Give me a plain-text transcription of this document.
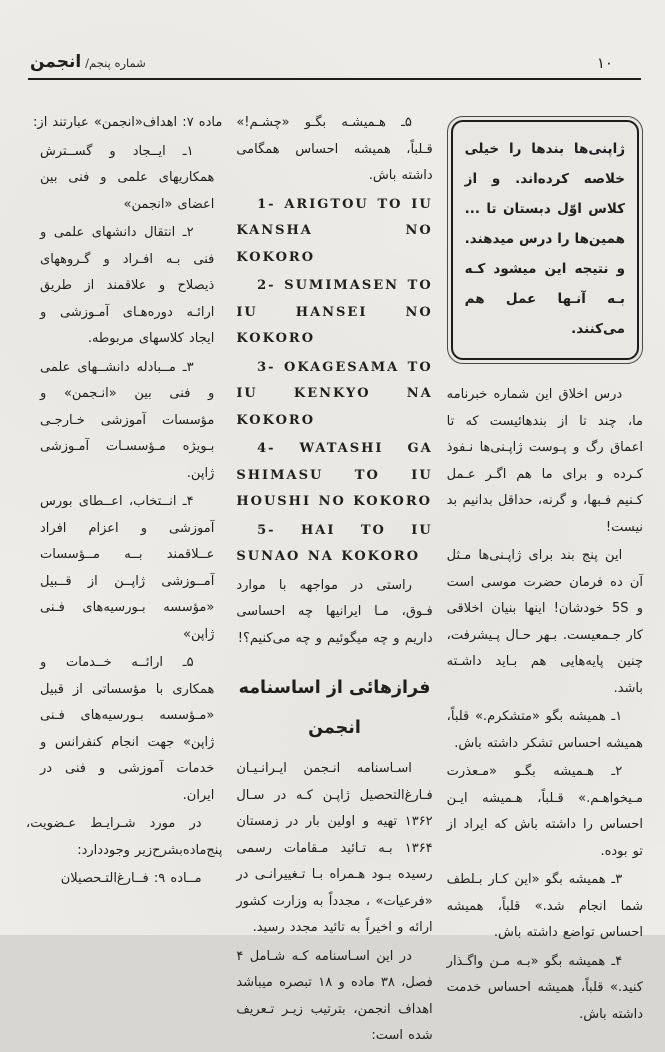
انجمن /شماره پنجم	۱۰
ژاپنی‌ها بندها را خیلی خلاصه کرده‌اند. و از کلاس اوّل دبستان تا ... همین‌ها را درس میدهند. و نتیجه این میشود کـه بـه آنـها عمل هم می‌کنند.

درس اخلاق این شماره خبرنامه ما، چند تا از بندهائیست که تا اعماق رگ و پـوست ژاپـنی‌ها نـفوذ کـرده و برای ما هم اگـر عـمل کـنیم فـبها، و گرنه، حداقل بدانیم بد نیست!

این پنج بند برای ژاپـنی‌ها مـثل آن ده فرمان حضرت موسی است و 5S خودشان! اینها بنیان اخلاقی کار جـمعیست. بـهر حـال پـیشرفت، چنین پایه‌هایی هم بـاید داشـته باشد.

۱ـ همیشه بگو «متشکرم.» قلباً، همیشه احساس تشکر داشته باش.

۲ـ هـمیشه بگـو «مـعذرت مـیخواهـم.» قـلباً، هـمیشه ایـن احساس را داشته باش که ایراد از تو بوده.

۳ـ همیشه بگو «این کـار بـلطف شما انجام شد.» قلباً، همیشه احساس تواضع داشته باش.

۴ـ همیشه بگو «بـه مـن واگـذار کنید.» قلباً، همیشه احساس خدمت داشته باش.

۵ـ هـمیشـه بگـو «چشـم!» قـلباً، همیشه احساس همگامی داشته باش.

1- ARIGTOU TO IU KANSHA NO KOKORO

2- SUMIMASEN TO IU HANSEI NO KOKORO

3- OKAGESAMA TO IU KENKYO NA KOKORO

4- WATASHI GA SHIMASU TO IU HOUSHI NO KOKORO

5- HAI TO IU SUNAO NA KOKORO

راستی در مواجهه با موارد فـوق، مـا ایرانیها چه احساسی داریم و چه میگوئیم و چه می‌کنیم؟!

فرازهائی از اساسنامه انجمن

اسـاسنامه انـجمن ایـرانـیـان فـارغ‌التحصیل ژاپـن کـه در سـال ۱۳۶۲ تهیه و اولین بار در زمستان ۱۳۶۴ بـه تـائید مـقامات رسمی رسیده بـود هـمراه بـا تـغییرانـی در «فرعیات» ، مجدداً به وزارت کشور ارائه و اخیراً به تائید مجدد رسید.

در این اسـاسنامه کـه شـامل ۴ فصل، ۳۸ ماده و ۱۸ تبصره میباشد اهداف انجمن، بترتیب زیـر تـعریف شده است:

ماده ۷: اهداف«انجمن» عبارتند از:

۱ـ ایــجاد و گســترش همکاریهای علمی و فنی بین اعضای «انجمن»

۲ـ انتقال دانشهای علمی و فنی بـه افـراد و گـروههای ذیصلاح و علاقمند از طریق ارائـه دوره‌هـای آمـوزشی و ایجاد کلاسهای مربوطه.

۳ـ مــبادله دانشــهای علمی و فنی بین «انـجمن» و مؤسسات آموزشی خـارجـی بـویژه مـؤسسـات آمـوزشی ژاپن.

۴ـ انــتخاب، اعــطای بورس آموزشی و اعزام افراد عــلاقمند بــه مــؤسسات آمــوزشی ژاپــن از قــبیل «مؤسسه بـورسیه‌های فـنی ژاپن»

۵ـ ارائــه خــدمات و همکاری با مؤسساتی از قبیل «مـؤسسه بـورسیه‌های فـنی ژاپن» جهت انجام کنفرانس و خدمات آموزشی و فنی در ایران.

در مورد شـرایـط عـضویت، پنج‌ماده‌بشرح‌زیر وجوددارد:

مــاده ۹: فــارغ‌التـحصیلان
